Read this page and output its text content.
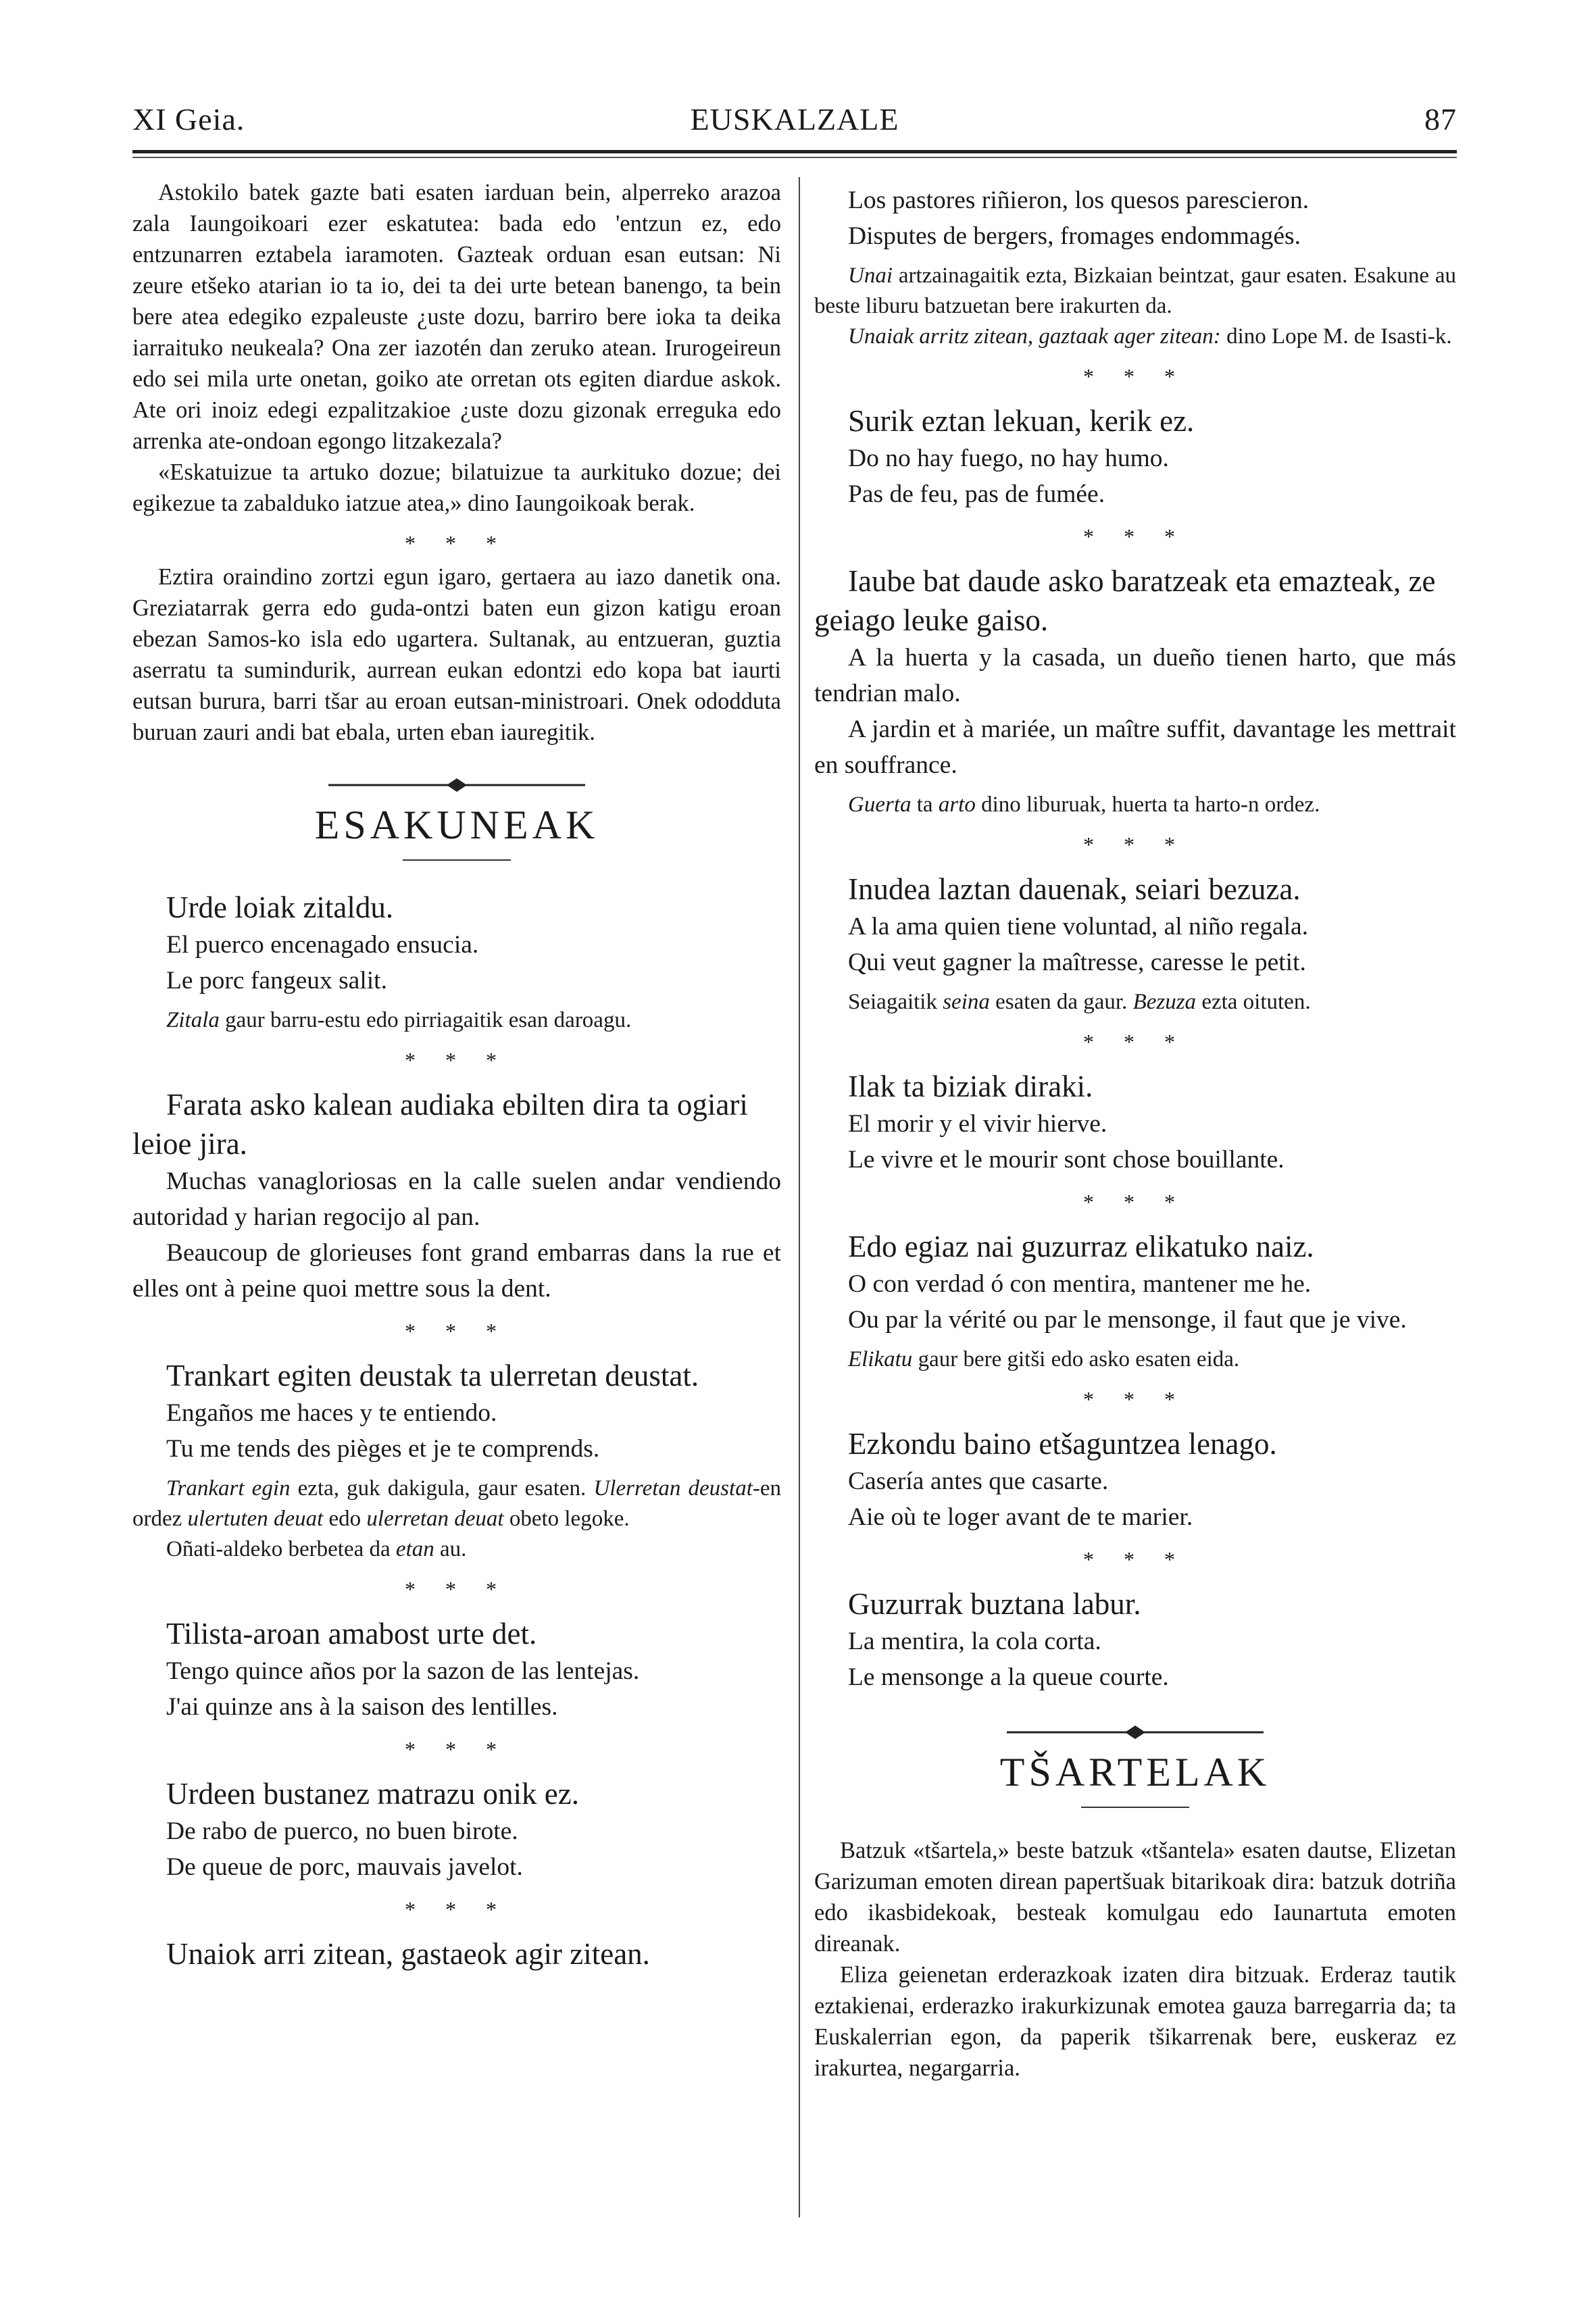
XI Geia.	EUSKALZALE	87

Astokilo batek gazte bati esaten iarduan bein, alperreko arazoa zala Iaungoikoari ezer eskatutea: bada edo 'entzun ez, edo entzunarren eztabela iaramoten. Gazteak orduan esan eutsan: Ni zeure etšeko atarian io ta io, dei ta dei urte betean banengo, ta bein bere atea edegiko ezpaleuste ¿uste dozu, barriro bere ioka ta deika iarraituko neukeala? Ona zer iazotén dan zeruko atean. Irurogeireun edo sei mila urte onetan, goiko ate orretan ots egiten diardue askok. Ate ori inoiz edegi ezpalitzakioe ¿uste dozu gizonak erreguka edo arrenka ate-ondoan egongo litzakezala?

«Eskatuizue ta artuko dozue; bilatuizue ta aurkituko dozue; dei egikezue ta zabalduko iatzue atea,» dino Iaungoikoak berak.

* * *

Eztira oraindino zortzi egun igaro, gertaera au iazo danetik ona. Greziatarrak gerra edo guda-ontzi baten eun gizon katigu eroan ebezan Samos-ko isla edo ugartera. Sultanak, au entzueran, guztia aserratu ta sumindurik, aurrean eukan edontzi edo kopa bat iaurti eutsan burura, barri tšar au eroan eutsan-ministroari. Onek ododduta buruan zauri andi bat ebala, urten eban iauregitik.

ESAKUNEAK

Urde loiak zitaldu.

El puerco encenagado ensucia.

Le porc fangeux salit.

Zitala gaur barru-estu edo pirriagaitik esan daroagu.

* * *

Farata asko kalean audiaka ebilten dira ta ogiari leioe jira.

Muchas vanagloriosas en la calle suelen andar vendiendo autoridad y harian regocijo al pan.

Beaucoup de glorieuses font grand embarras dans la rue et elles ont à peine quoi mettre sous la dent.

* * *

Trankart egiten deustak ta ulerretan deustat.

Engaños me haces y te entiendo.

Tu me tends des pièges et je te comprends.

Trankart egin ezta, guk dakigula, gaur esaten. Ulerretan deustat-en ordez ulertuten deuat edo ulerretan deuat obeto legoke.

Oñati-aldeko berbetea da etan au.

* * *

Tilista-aroan amabost urte det.

Tengo quince años por la sazon de las lentejas.

J'ai quinze ans à la saison des lentilles.

* * *

Urdeen bustanez matrazu onik ez.

De rabo de puerco, no buen birote.

De queue de porc, mauvais javelot.

* * *

Unaiok arri zitean, gastaeok agir zitean.

Los pastores riñieron, los quesos parescieron.

Disputes de bergers, fromages endommagés.

Unai artzainagaitik ezta, Bizkaian beintzat, gaur esaten. Esakune au beste liburu batzuetan bere irakurten da.

Unaiak arritz zitean, gaztaak ager zitean: dino Lope M. de Isasti-k.

* * *

Surik eztan lekuan, kerik ez.

Do no hay fuego, no hay humo.

Pas de feu, pas de fumée.

* * *

Iaube bat daude asko baratzeak eta emazteak, ze geiago leuke gaiso.

A la huerta y la casada, un dueño tienen harto, que más tendrian malo.

A jardin et à mariée, un maître suffit, davantage les mettrait en souffrance.

Guerta ta arto dino liburuak, huerta ta harto-n ordez.

* * *

Inudea laztan dauenak, seiari bezuza.

A la ama quien tiene voluntad, al niño regala.

Qui veut gagner la maîtresse, caresse le petit.

Seiagaitik seina esaten da gaur. Bezuza ezta oituten.

* * *

Ilak ta biziak diraki.

El morir y el vivir hierve.

Le vivre et le mourir sont chose bouillante.

* * *

Edo egiaz nai guzurraz elikatuko naiz.

O con verdad ó con mentira, mantener me he.

Ou par la vérité ou par le mensonge, il faut que je vive.

Elikatu gaur bere gitši edo asko esaten eida.

* * *

Ezkondu baino etšaguntzea lenago.

Casería antes que casarte.

Aie où te loger avant de te marier.

* * *

Guzurrak buztana labur.

La mentira, la cola corta.

Le mensonge a la queue courte.

TŠARTELAK

Batzuk «tšartela,» beste batzuk «tšantela» esaten dautse, Elizetan Garizuman emoten direan papertšuak bitarikoak dira: batzuk dotriña edo ikasbidekoak, besteak komulgau edo Iaunartuta emoten direanak.

Eliza geienetan erderazkoak izaten dira bitzuak. Erderaz tautik eztakienai, erderazko irakurkizunak emotea gauza barregarria da; ta Euskalerrian egon, da paperik tšikarrenak bere, euskeraz ez irakurtea, negargarria.
